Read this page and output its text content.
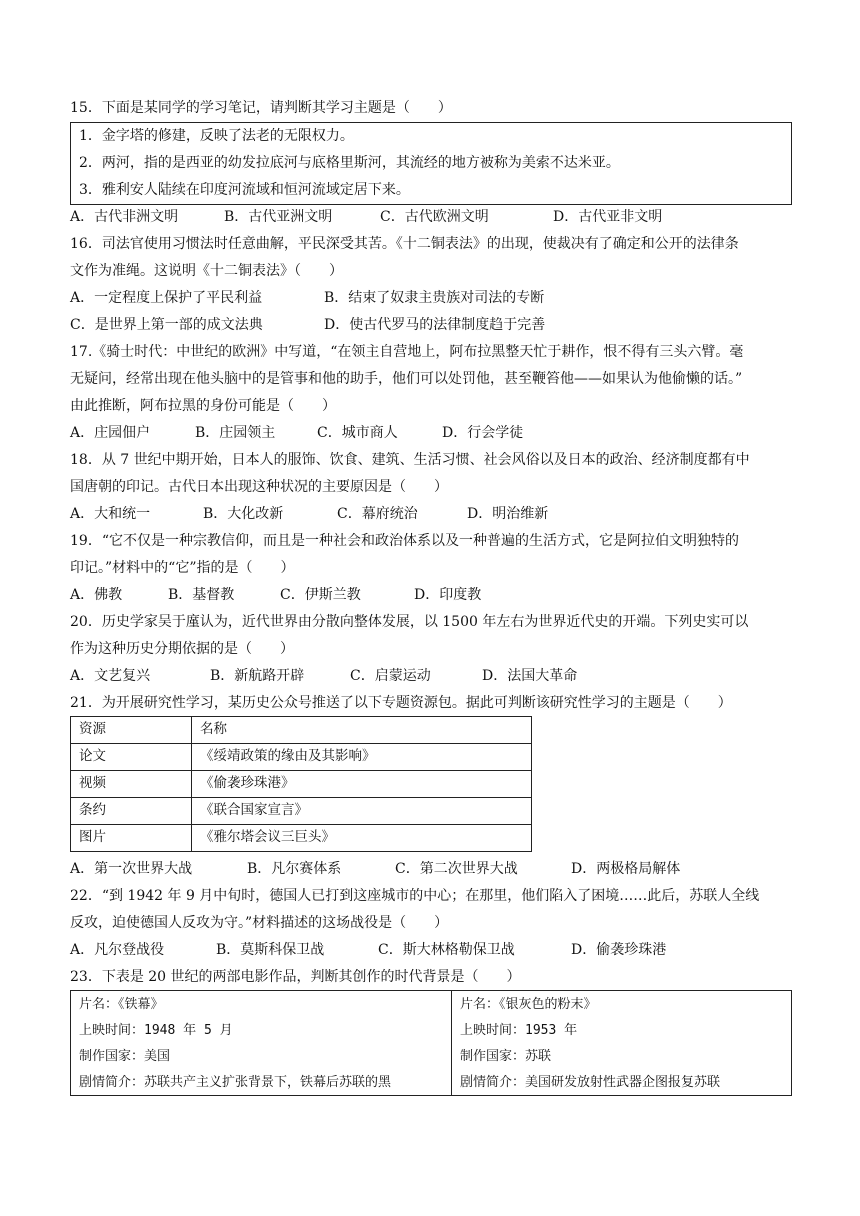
15．下面是某同学的学习笔记，请判断其学习主题是（　　）
1．金字塔的修建，反映了法老的无限权力。
2．两河，指的是西亚的幼发拉底河与底格里斯河，其流经的地方被称为美索不达米亚。
3．雅利安人陆续在印度河流域和恒河流域定居下来。
A．古代非洲文明	B．古代亚洲文明	C．古代欧洲文明	D．古代亚非文明
16．司法官使用习惯法时任意曲解，平民深受其苦。《十二铜表法》的出现，使裁决有了确定和公开的法律条
文作为准绳。这说明《十二铜表法》（　　）
A．一定程度上保护了平民利益	B．结束了奴隶主贵族对司法的专断
C．是世界上第一部的成文法典	D．使古代罗马的法律制度趋于完善
17.《骑士时代：中世纪的欧洲》中写道，“在领主自营地上，阿布拉黑整天忙于耕作，恨不得有三头六臂。毫
无疑问，经常出现在他头脑中的是管事和他的助手，他们可以处罚他，甚至鞭笞他——如果认为他偷懒的话。”
由此推断，阿布拉黑的身份可能是（　　）
A．庄园佃户	B．庄园领主	C．城市商人	D．行会学徒
18．从 7 世纪中期开始，日本人的服饰、饮食、建筑、生活习惯、社会风俗以及日本的政治、经济制度都有中
国唐朝的印记。古代日本出现这种状况的主要原因是（　　）
A．大和统一	B．大化改新	C．幕府统治	D．明治维新
19．“它不仅是一种宗教信仰，而且是一种社会和政治体系以及一种普遍的生活方式，它是阿拉伯文明独特的
印记。”材料中的“它”指的是（　　）
A．佛教	B．基督教	C．伊斯兰教	D．印度教
20．历史学家吴于廑认为，近代世界由分散向整体发展，以 1500 年左右为世界近代史的开端。下列史实可以
作为这种历史分期依据的是（　　）
A．文艺复兴	B．新航路开辟	C．启蒙运动	D．法国大革命
21．为开展研究性学习，某历史公众号推送了以下专题资源包。据此可判断该研究性学习的主题是（　　）
资源	名称
论文	《绥靖政策的缘由及其影响》
视频	《偷袭珍珠港》
条约	《联合国家宣言》
图片	《雅尔塔会议三巨头》
A．第一次世界大战	B．凡尔赛体系	C．第二次世界大战	D．两极格局解体
22．“到 1942 年 9 月中旬时，德国人已打到这座城市的中心；在那里，他们陷入了困境……此后，苏联人全线
反攻，迫使德国人反攻为守。”材料描述的这场战役是（　　）
A．凡尔登战役	B．莫斯科保卫战	C．斯大林格勒保卫战	D．偷袭珍珠港
23．下表是 20 世纪的两部电影作品，判断其创作的时代背景是（　　）
片名：《铁幕》	片名：《银灰色的粉末》
上映时间：1948 年 5 月	上映时间：1953 年
制作国家：美国	制作国家：苏联
剧情简介：苏联共产主义扩张背景下，铁幕后苏联的黑	剧情简介：美国研发放射性武器企图报复苏联
